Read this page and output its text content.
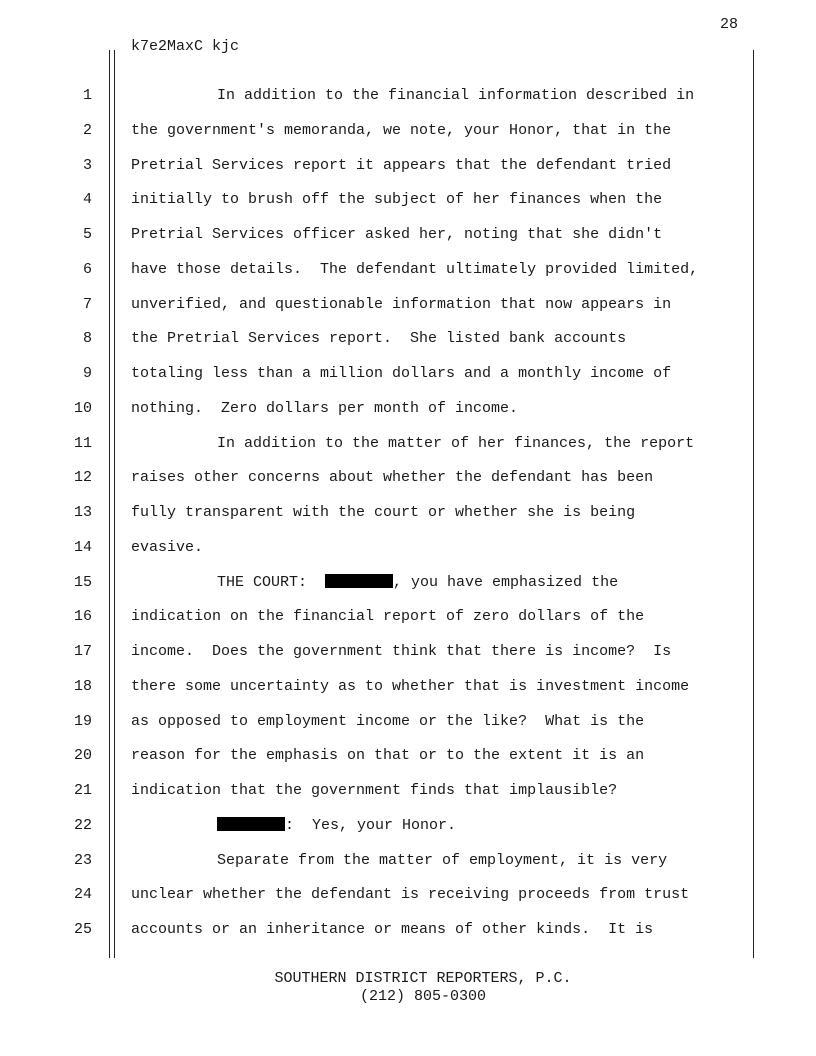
28
k7e2MaxC kjc
1	In addition to the financial information described in
2	the government's memoranda, we note, your Honor, that in the
3	Pretrial Services report it appears that the defendant tried
4	initially to brush off the subject of her finances when the
5	Pretrial Services officer asked her, noting that she didn't
6	have those details.  The defendant ultimately provided limited,
7	unverified, and questionable information that now appears in
8	the Pretrial Services report.  She listed bank accounts
9	totaling less than a million dollars and a monthly income of
10	nothing.  Zero dollars per month of income.
11	In addition to the matter of her finances, the report
12	raises other concerns about whether the defendant has been
13	fully transparent with the court or whether she is being
14	evasive.
15	THE COURT:	, you have emphasized the
16	indication on the financial report of zero dollars of the
17	income.  Does the government think that there is income?  Is
18	there some uncertainty as to whether that is investment income
19	as opposed to employment income or the like?  What is the
20	reason for the emphasis on that or to the extent it is an
21	indication that the government finds that implausible?
22	:  Yes, your Honor.
23	Separate from the matter of employment, it is very
24	unclear whether the defendant is receiving proceeds from trust
25	accounts or an inheritance or means of other kinds.  It is
SOUTHERN DISTRICT REPORTERS, P.C.
(212) 805-0300
